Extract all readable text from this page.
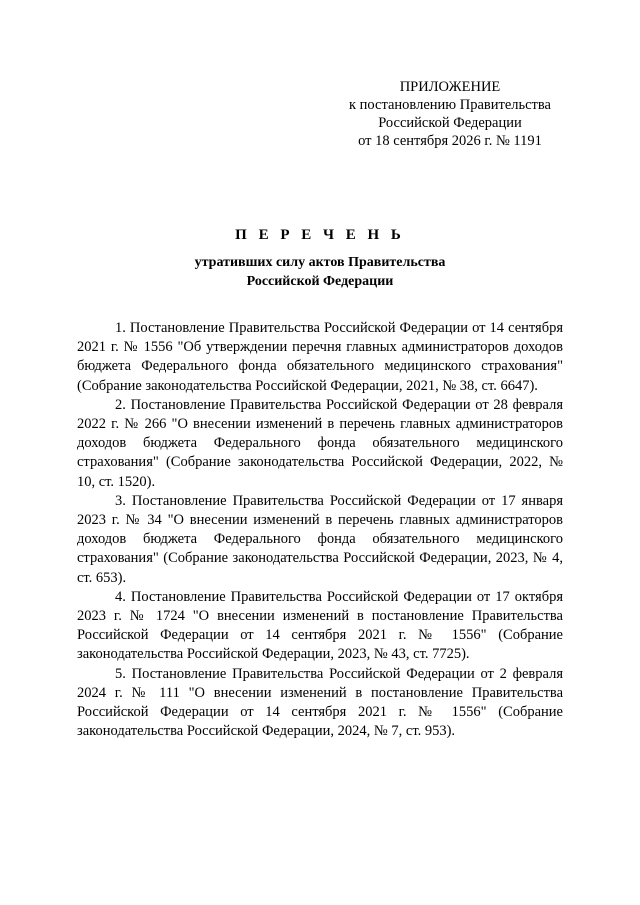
ПРИЛОЖЕНИЕ
к постановлению Правительства
Российской Федерации
от 18 сентября 2026 г. № 1191
П Е Р Е Ч Е Н Ь
утративших силу актов Правительства
Российской Федерации

1. Постановление Правительства Российской Федерации от 14 сентября 2021 г. № 1556 "Об утверждении перечня главных администраторов доходов бюджета Федерального фонда обязательного медицинского страхования" (Собрание законодательства Российской Федерации, 2021, № 38, ст. 6647).

2. Постановление Правительства Российской Федерации от 28 февраля 2022 г. № 266 "О внесении изменений в перечень главных администраторов доходов бюджета Федерального фонда обязательного медицинского страхования" (Собрание законодательства Российской Федерации, 2022, № 10, ст. 1520).

3. Постановление Правительства Российской Федерации от 17 января 2023 г. № 34 "О внесении изменений в перечень главных администраторов доходов бюджета Федерального фонда обязательного медицинского страхования" (Собрание законодательства Российской Федерации, 2023, № 4, ст. 653).

4. Постановление Правительства Российской Федерации от 17 октября 2023 г. № 1724 "О внесении изменений в постановление Правительства Российской Федерации от 14 сентября 2021 г. № 1556" (Собрание законодательства Российской Федерации, 2023, № 43, ст. 7725).

5. Постановление Правительства Российской Федерации от 2 февраля 2024 г. № 111 "О внесении изменений в постановление Правительства Российской Федерации от 14 сентября 2021 г. № 1556" (Собрание законодательства Российской Федерации, 2024, № 7, ст. 953).
